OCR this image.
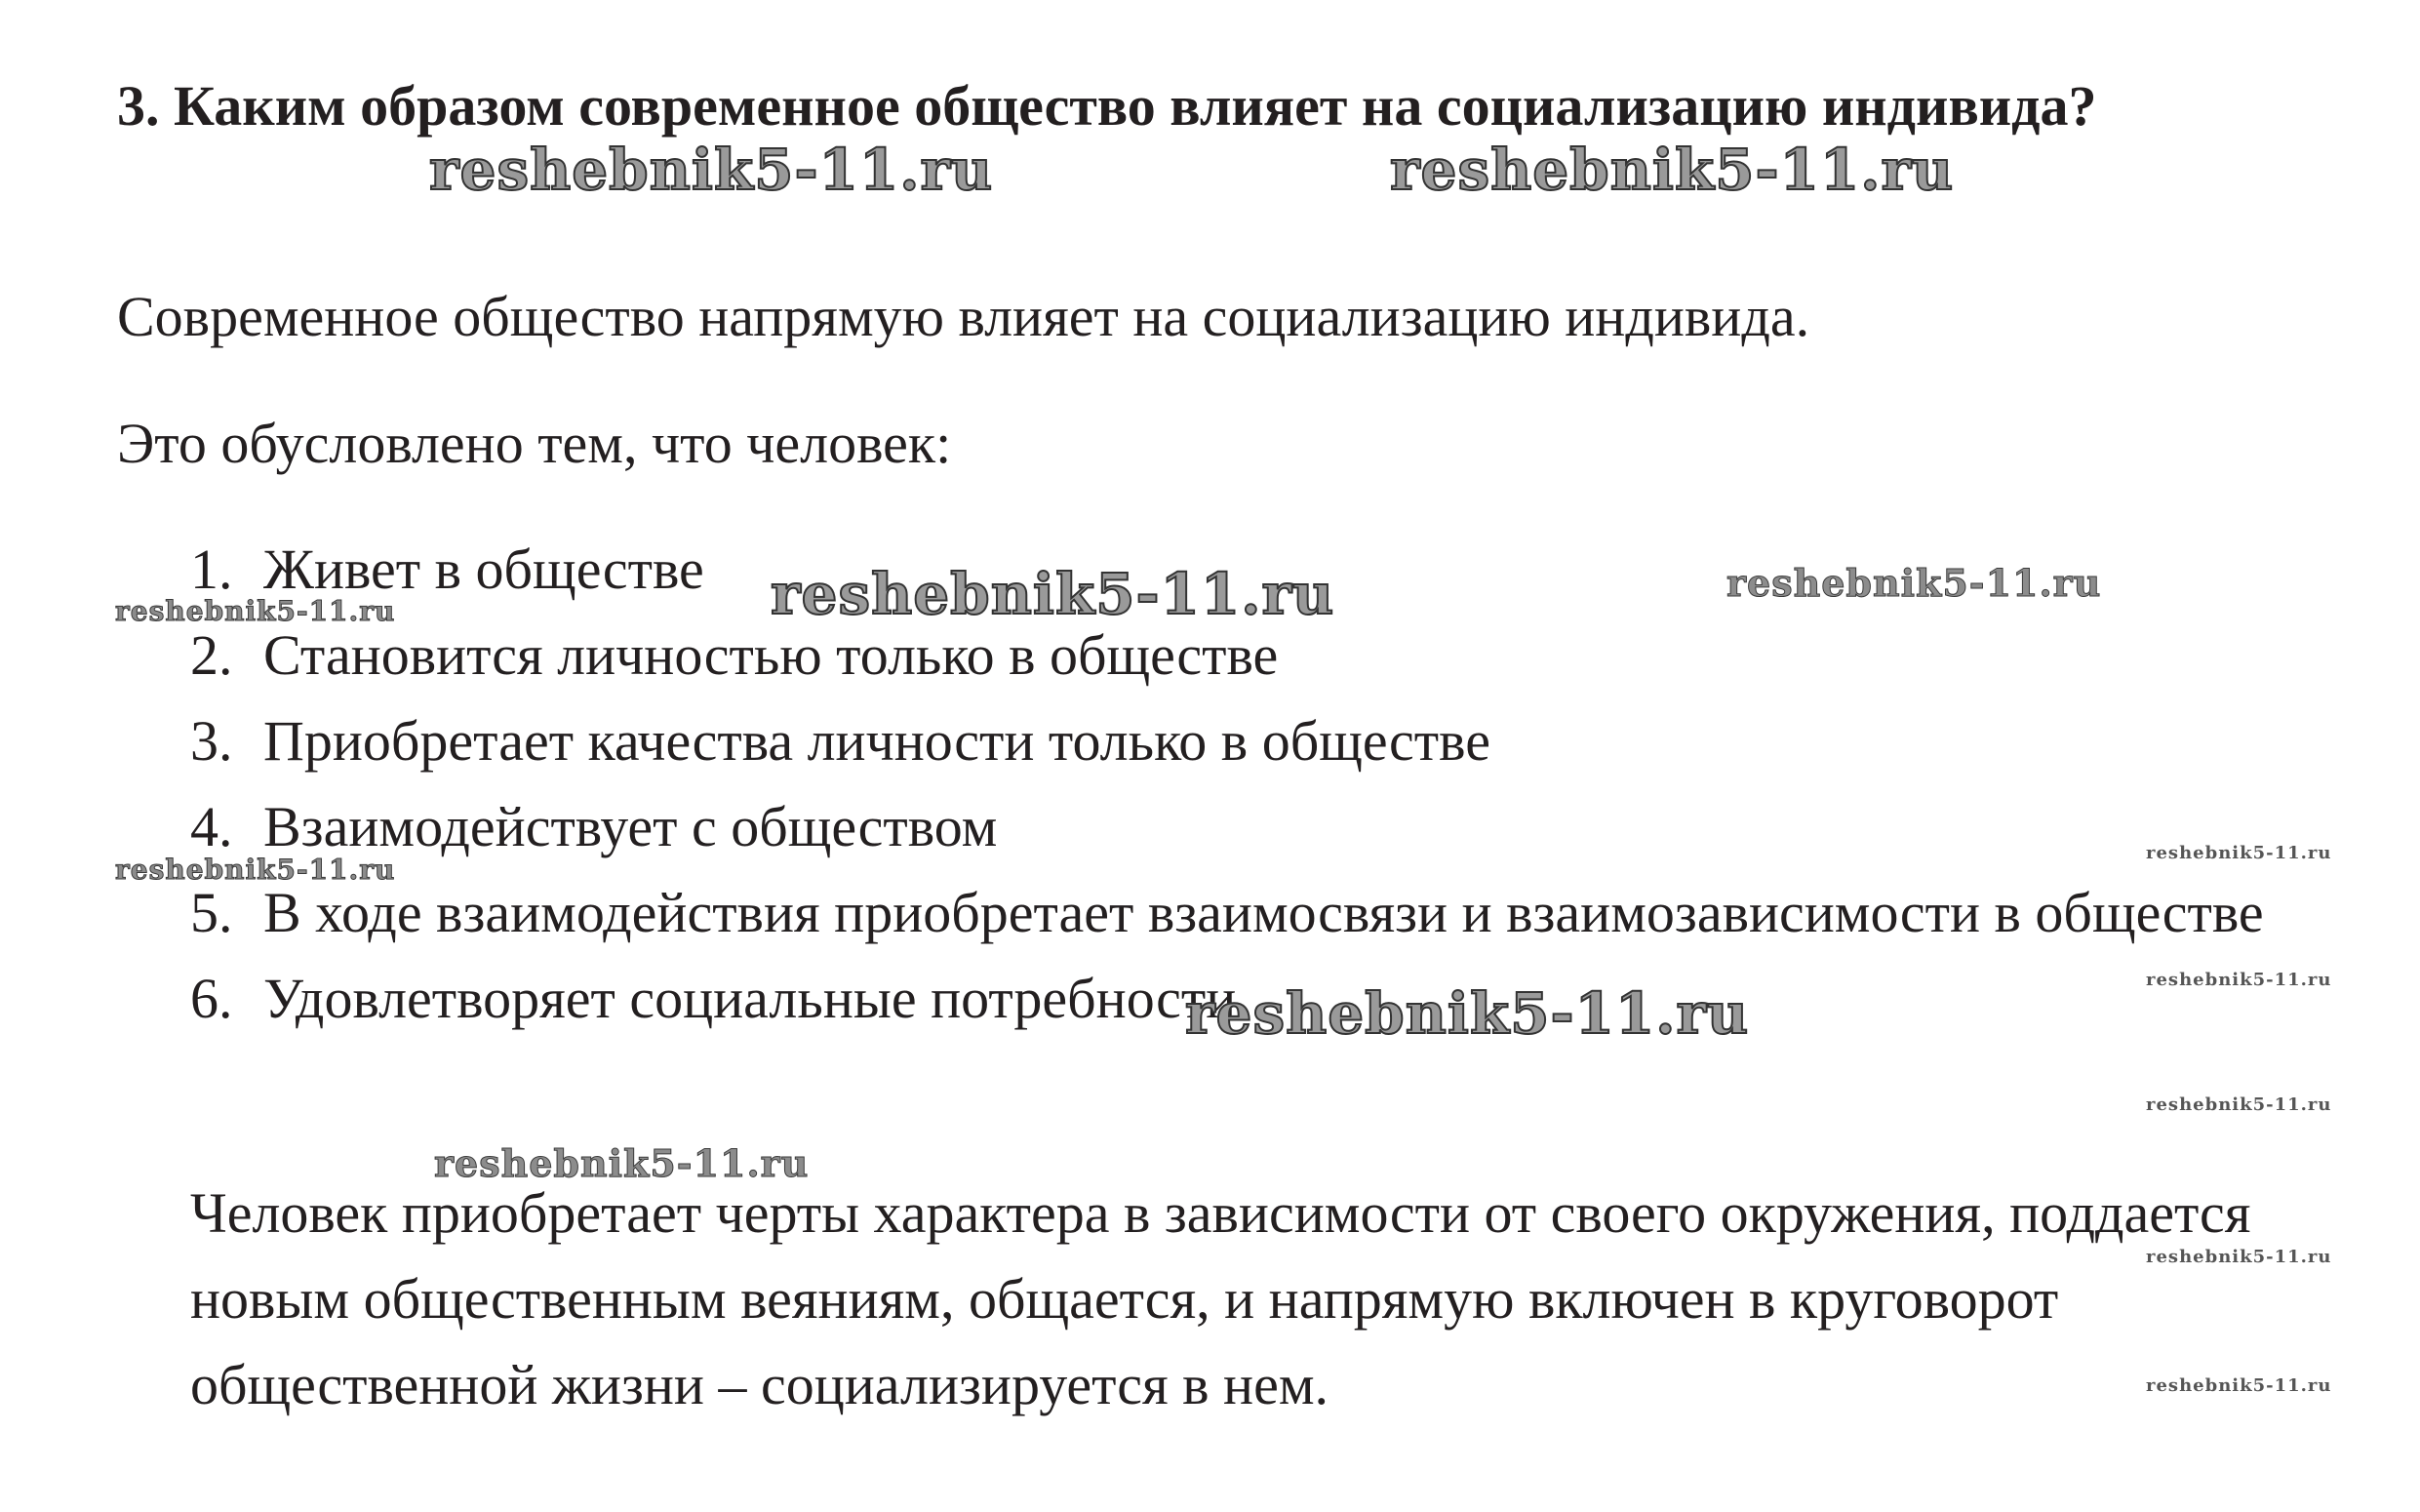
3. Каким образом современное общество влияет на социализацию индивида?

Современное общество напрямую влияет на социализацию индивида.

Это обусловлено тем, что человек:

1. Живет в обществе
2. Становится личностью только в обществе
3. Приобретает качества личности только в обществе
4. Взаимодействует с обществом
5. В ходе взаимодействия приобретает взаимосвязи и взаимозависимости в обществе
6. Удовлетворяет социальные потребности

Человек приобретает черты характера в зависимости от своего окружения, поддается новым общественным веяниям, общается, и напрямую включен в круговорот общественной жизни – социализируется в нем.

reshebnik5-11.ru	reshebnik5-11.ru
reshebnik5-11.ru
reshebnik5-11.ru
reshebnik5-11.ru
reshebnik5-11.ru
reshebnik5-11.ru
reshebnik5-11.ru
reshebnik5-11.ru
reshebnik5-11.ru
reshebnik5-11.ru
reshebnik5-11.ru
reshebnik5-11.ru
